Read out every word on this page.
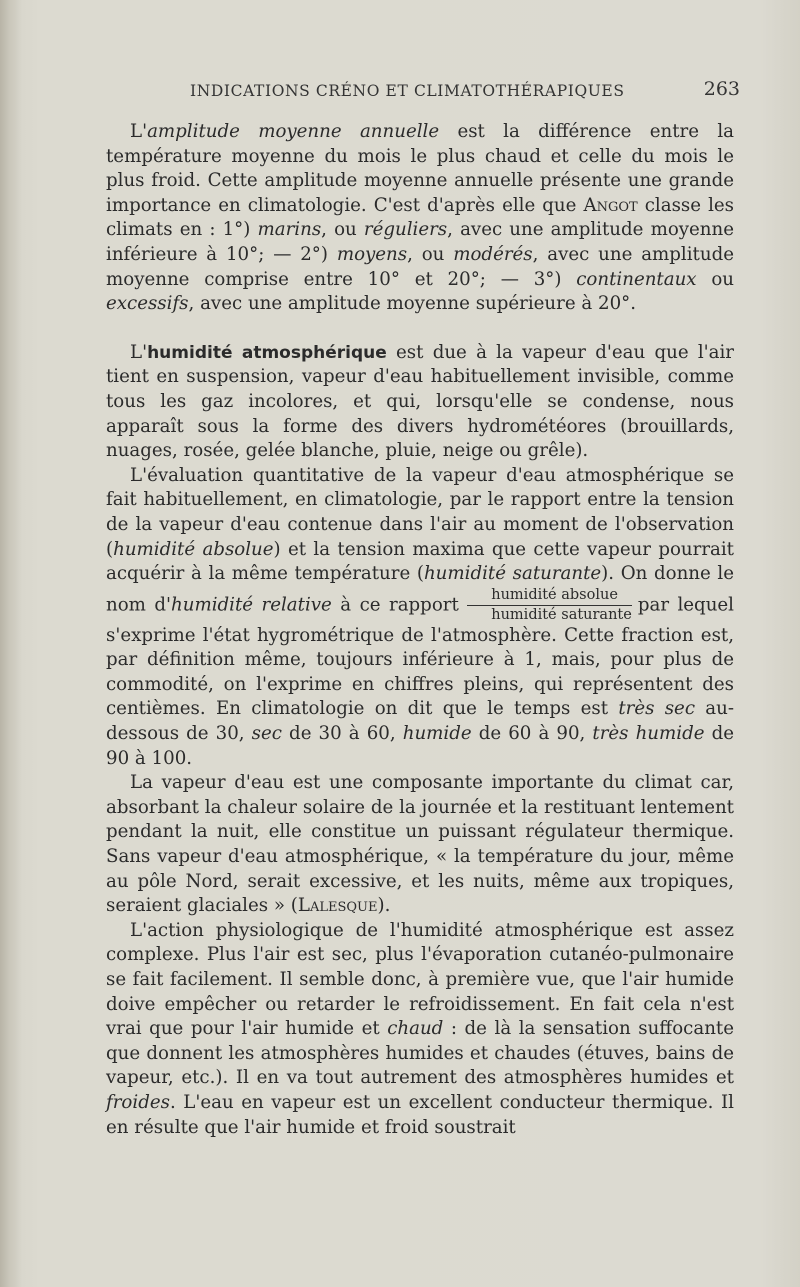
INDICATIONS CRÉNO ET CLIMATOTHÉRAPIQUES	263

L'amplitude moyenne annuelle est la différence entre la température moyenne du mois le plus chaud et celle du mois le plus froid. Cette amplitude moyenne annuelle présente une grande importance en climatologie. C'est d'après elle que Angot classe les climats en : 1°) marins, ou réguliers, avec une amplitude moyenne inférieure à 10°; — 2°) moyens, ou modérés, avec une amplitude moyenne comprise entre 10° et 20°; — 3°) continentaux ou excessifs, avec une amplitude moyenne supérieure à 20°.

L'humidité atmosphérique est due à la vapeur d'eau que l'air tient en suspension, vapeur d'eau habituellement invisible, comme tous les gaz incolores, et qui, lorsqu'elle se condense, nous apparaît sous la forme des divers hydrométéores (brouillards, nuages, rosée, gelée blanche, pluie, neige ou grêle).

L'évaluation quantitative de la vapeur d'eau atmosphérique se fait habituellement, en climatologie, par le rapport entre la tension de la vapeur d'eau contenue dans l'air au moment de l'observation (humidité absolue) et la tension maxima que cette vapeur pourrait acquérir à la même température (humidité saturante). On donne le nom d'humidité relative à ce rapport $\frac{\text{humidité absolue}}{\text{humidité saturante}}$ par lequel s'exprime l'état hygrométrique de l'atmosphère. Cette fraction est, par définition même, toujours inférieure à 1, mais, pour plus de commodité, on l'exprime en chiffres pleins, qui représentent des centièmes. En climatologie on dit que le temps est très sec au-dessous de 30, sec de 30 à 60, humide de 60 à 90, très humide de 90 à 100.

La vapeur d'eau est une composante importante du climat car, absorbant la chaleur solaire de la journée et la restituant lentement pendant la nuit, elle constitue un puissant régulateur thermique. Sans vapeur d'eau atmosphérique, « la température du jour, même au pôle Nord, serait excessive, et les nuits, même aux tropiques, seraient glaciales » (Lalesque).

L'action physiologique de l'humidité atmosphérique est assez complexe. Plus l'air est sec, plus l'évaporation cutanéo-pulmonaire se fait facilement. Il semble donc, à première vue, que l'air humide doive empêcher ou retarder le refroidissement. En fait cela n'est vrai que pour l'air humide et chaud : de là la sensation suffocante que donnent les atmosphères humides et chaudes (étuves, bains de vapeur, etc.). Il en va tout autrement des atmosphères humides et froides. L'eau en vapeur est un excellent conducteur thermique. Il en résulte que l'air humide et froid soustrait
